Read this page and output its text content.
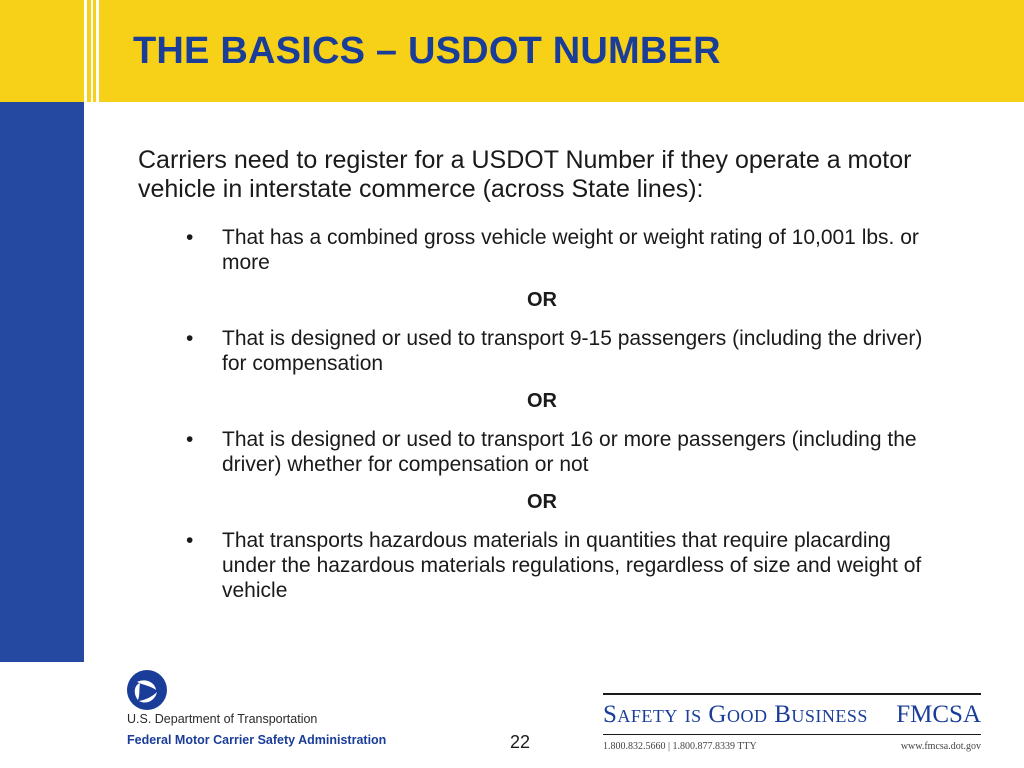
THE BASICS – USDOT NUMBER

Carriers need to register for a USDOT Number if they operate a motor vehicle in interstate commerce (across State lines):

• That has a combined gross vehicle weight or weight rating of 10,001 lbs. or more
OR
• That is designed or used to transport 9-15 passengers (including the driver) for compensation
OR
• That is designed or used to transport 16 or more passengers (including the driver) whether for compensation or not
OR
• That transports hazardous materials in quantities that require placarding under the hazardous materials regulations, regardless of size and weight of vehicle

U.S. Department of Transportation

Federal Motor Carrier Safety Administration	22
Safety is Good Business FMCSA
1.800.832.5660 | 1.800.877.8339 TTY	www.fmcsa.dot.gov
